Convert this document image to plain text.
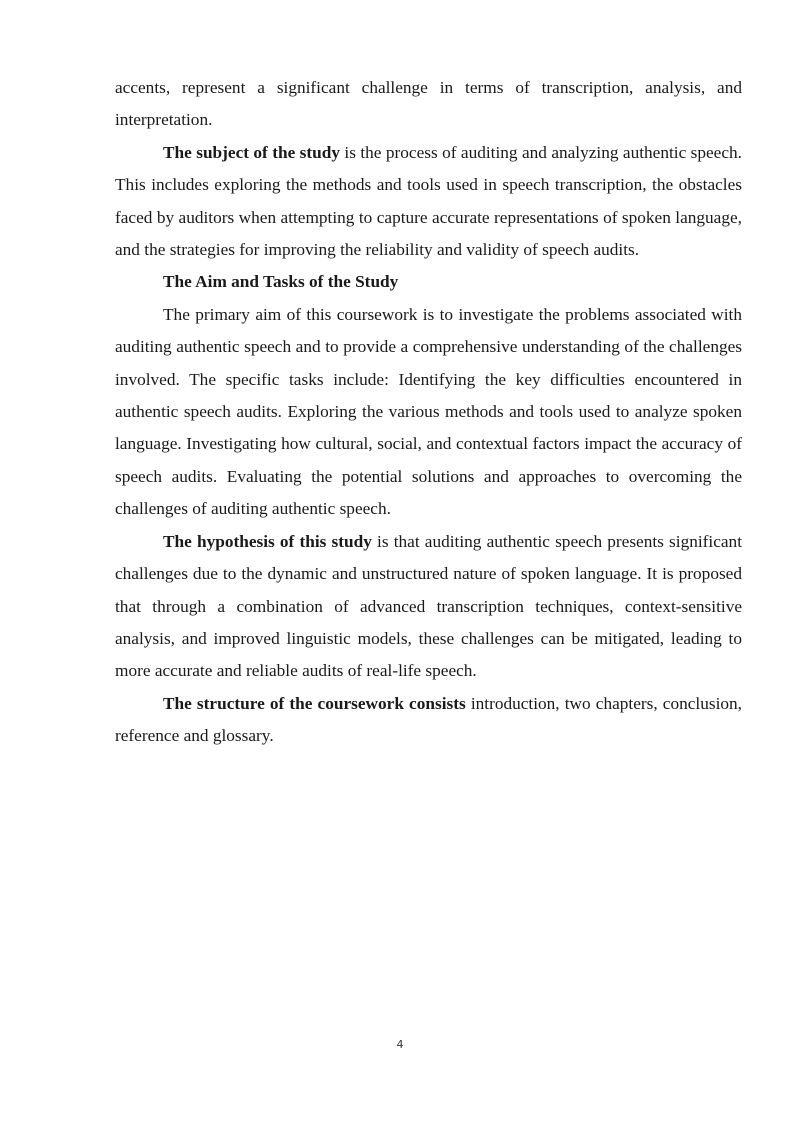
accents, represent a significant challenge in terms of transcription, analysis, and interpretation.

The subject of the study is the process of auditing and analyzing authentic speech. This includes exploring the methods and tools used in speech transcription, the obstacles faced by auditors when attempting to capture accurate representations of spoken language, and the strategies for improving the reliability and validity of speech audits.

The Aim and Tasks of the Study

The primary aim of this coursework is to investigate the problems associated with auditing authentic speech and to provide a comprehensive understanding of the challenges involved. The specific tasks include: Identifying the key difficulties encountered in authentic speech audits. Exploring the various methods and tools used to analyze spoken language. Investigating how cultural, social, and contextual factors impact the accuracy of speech audits. Evaluating the potential solutions and approaches to overcoming the challenges of auditing authentic speech.

The hypothesis of this study is that auditing authentic speech presents significant challenges due to the dynamic and unstructured nature of spoken language. It is proposed that through a combination of advanced transcription techniques, context-sensitive analysis, and improved linguistic models, these challenges can be mitigated, leading to more accurate and reliable audits of real-life speech.

The structure of the coursework consists introduction, two chapters, conclusion, reference and glossary.

4
